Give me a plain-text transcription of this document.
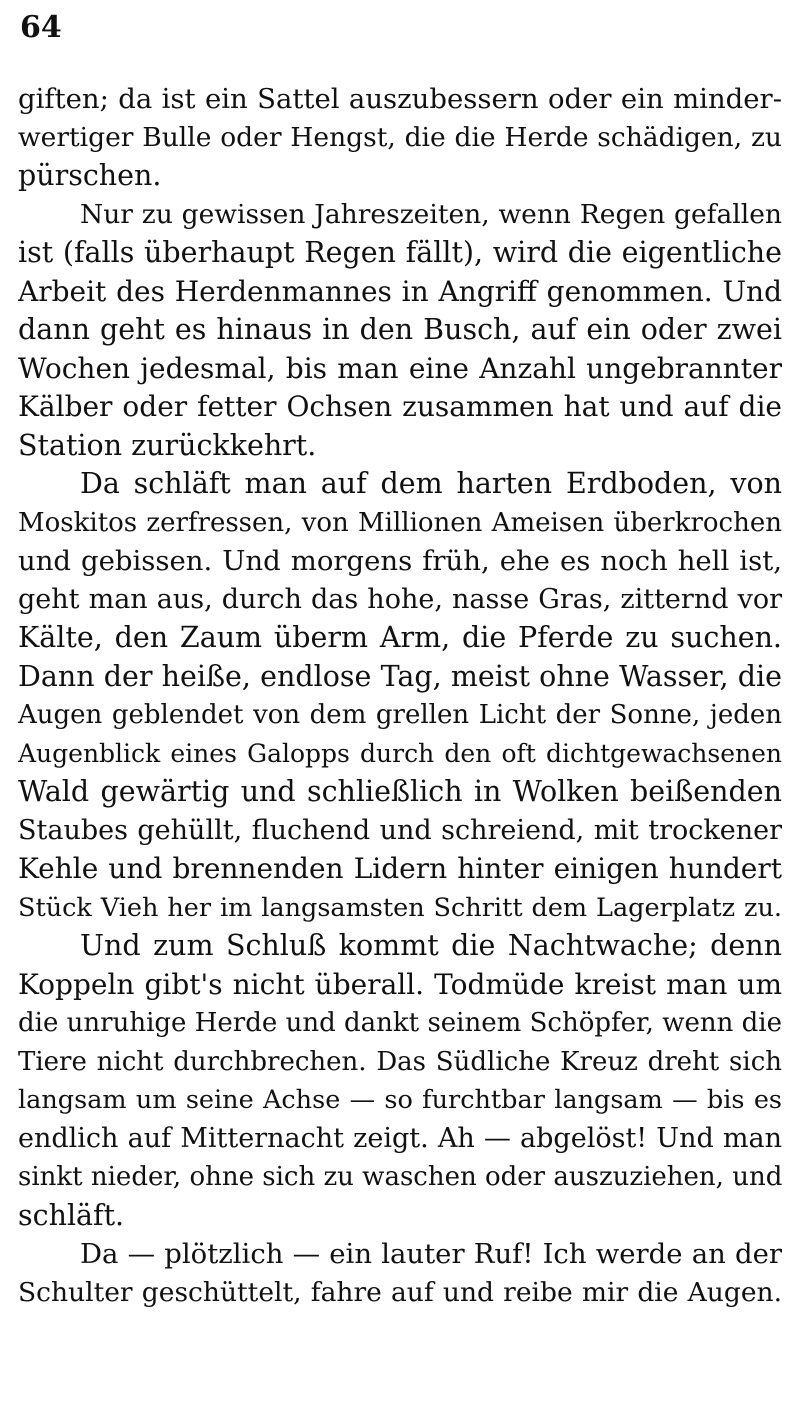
64
giften; da ist ein Sattel auszubessern oder ein minder-
wertiger Bulle oder Hengst, die die Herde schädigen, zu
pürschen.
Nur zu gewissen Jahreszeiten, wenn Regen gefallen
ist (falls überhaupt Regen fällt), wird die eigentliche
Arbeit des Herdenmannes in Angriff genommen. Und
dann geht es hinaus in den Busch, auf ein oder zwei
Wochen jedesmal, bis man eine Anzahl ungebrannter
Kälber oder fetter Ochsen zusammen hat und auf die
Station zurückkehrt.
Da schläft man auf dem harten Erdboden, von
Moskitos zerfressen, von Millionen Ameisen überkrochen
und gebissen. Und morgens früh, ehe es noch hell ist,
geht man aus, durch das hohe, nasse Gras, zitternd vor
Kälte, den Zaum überm Arm, die Pferde zu suchen.
Dann der heiße, endlose Tag, meist ohne Wasser, die
Augen geblendet von dem grellen Licht der Sonne, jeden
Augenblick eines Galopps durch den oft dichtgewachsenen
Wald gewärtig und schließlich in Wolken beißenden
Staubes gehüllt, fluchend und schreiend, mit trockener
Kehle und brennenden Lidern hinter einigen hundert
Stück Vieh her im langsamsten Schritt dem Lagerplatz zu.
Und zum Schluß kommt die Nachtwache; denn
Koppeln gibt's nicht überall. Todmüde kreist man um
die unruhige Herde und dankt seinem Schöpfer, wenn die
Tiere nicht durchbrechen. Das Südliche Kreuz dreht sich
langsam um seine Achse — so furchtbar langsam — bis es
endlich auf Mitternacht zeigt. Ah — abgelöst! Und man
sinkt nieder, ohne sich zu waschen oder auszuziehen, und
schläft.
Da — plötzlich — ein lauter Ruf! Ich werde an der
Schulter geschüttelt, fahre auf und reibe mir die Augen.
